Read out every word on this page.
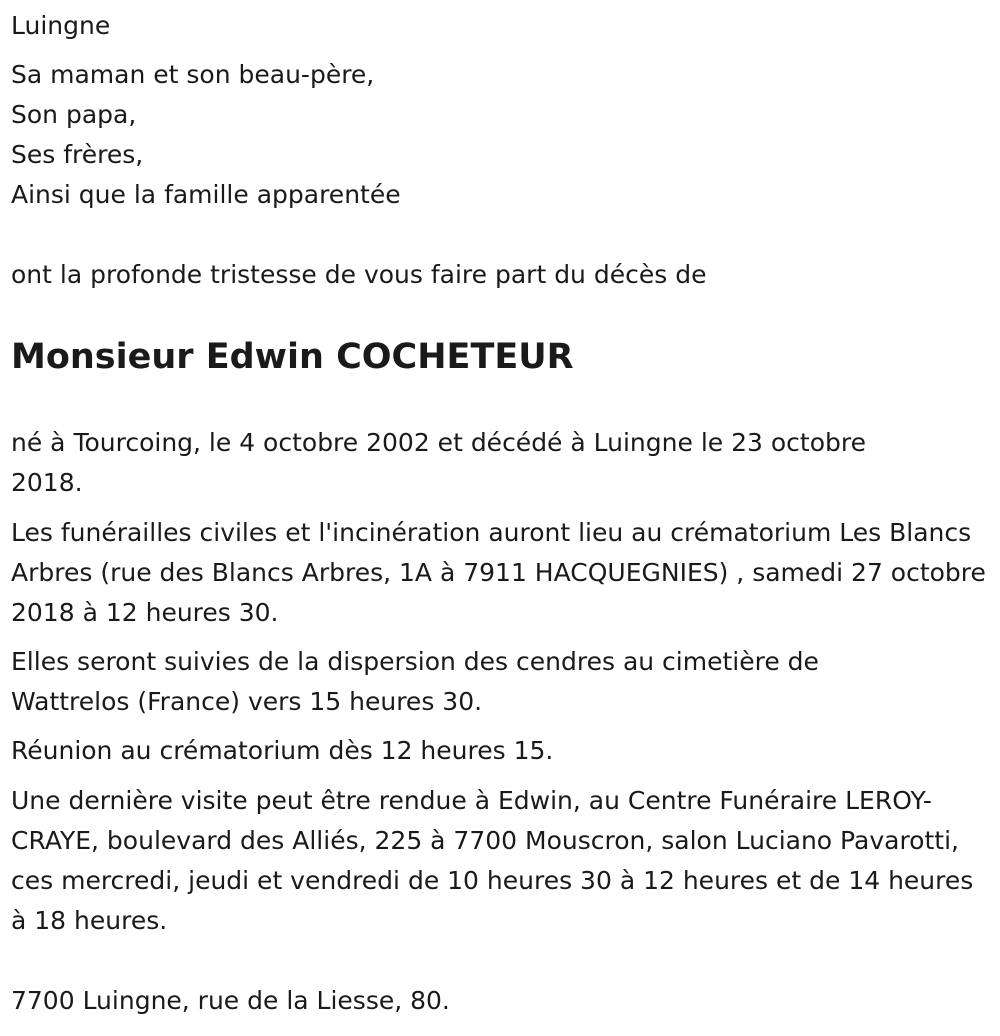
Luingne

Sa maman et son beau-père,

Son papa,

Ses frères,

Ainsi que la famille apparentée

ont la profonde tristesse de vous faire part du décès de

Monsieur Edwin COCHETEUR

né à Tourcoing, le 4 octobre 2002 et décédé à Luingne le 23 octobre 2018.

Les funérailles civiles et l'incinération auront lieu au crématorium Les Blancs Arbres (rue des Blancs Arbres, 1A à 7911 HACQUEGNIES) , samedi 27 octobre 2018 à 12 heures 30.

Elles seront suivies de la dispersion des cendres au cimetière de Wattrelos (France) vers 15 heures 30.

Réunion au crématorium dès 12 heures 15.

Une dernière visite peut être rendue à Edwin, au Centre Funéraire LEROY-CRAYE, boulevard des Alliés, 225 à 7700 Mouscron, salon Luciano Pavarotti, ces mercredi, jeudi et vendredi de 10 heures 30 à 12 heures et de 14 heures à 18 heures.

7700 Luingne, rue de la Liesse, 80.
